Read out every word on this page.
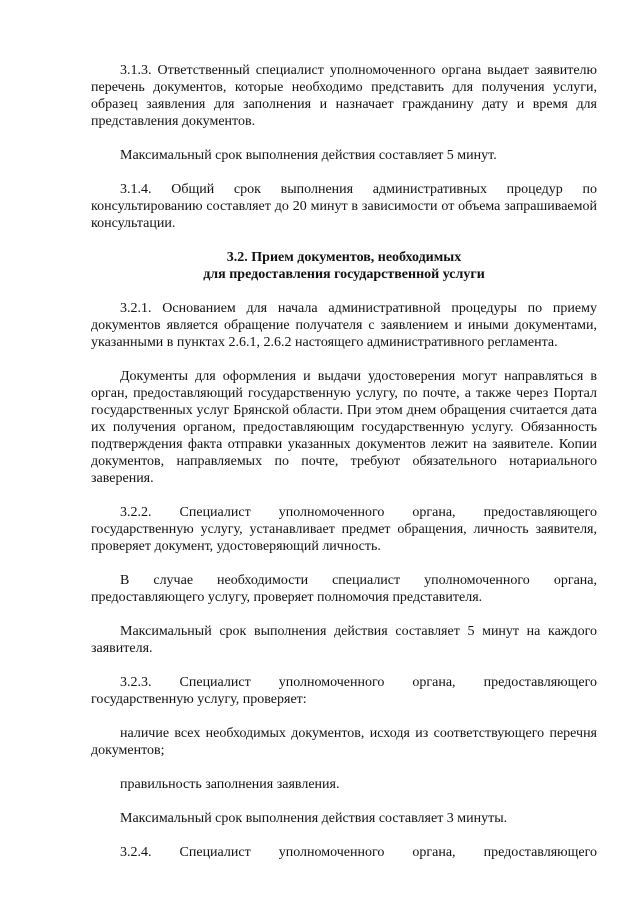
3.1.3. Ответственный специалист уполномоченного органа выдает заявителю перечень документов, которые необходимо представить для получения услуги, образец заявления для заполнения и назначает гражданину дату и время для представления документов.

Максимальный срок выполнения действия составляет 5 минут.

3.1.4. Общий срок выполнения административных процедур по консультированию составляет до 20 минут в зависимости от объема запрашиваемой консультации.

3.2. Прием документов, необходимых

для предоставления государственной услуги

3.2.1. Основанием для начала административной процедуры по приему документов является обращение получателя с заявлением и иными документами, указанными в пунктах 2.6.1, 2.6.2 настоящего административного регламента.

Документы для оформления и выдачи удостоверения могут направляться в орган, предоставляющий государственную услугу, по почте, а также через Портал государственных услуг Брянской области. При этом днем обращения считается дата их получения органом, предоставляющим государственную услугу. Обязанность подтверждения факта отправки указанных документов лежит на заявителе. Копии документов, направляемых по почте, требуют обязательного нотариального заверения.

3.2.2. Специалист уполномоченного органа, предоставляющего государственную услугу, устанавливает предмет обращения, личность заявителя, проверяет документ, удостоверяющий личность.

В случае необходимости специалист уполномоченного органа, предоставляющего услугу, проверяет полномочия представителя.

Максимальный срок выполнения действия составляет 5 минут на каждого заявителя.

3.2.3. Специалист уполномоченного органа, предоставляющего государственную услугу, проверяет:

наличие всех необходимых документов, исходя из соответствующего перечня документов;

правильность заполнения заявления.

Максимальный срок выполнения действия составляет 3 минуты.

3.2.4. Специалист уполномоченного органа, предоставляющего
